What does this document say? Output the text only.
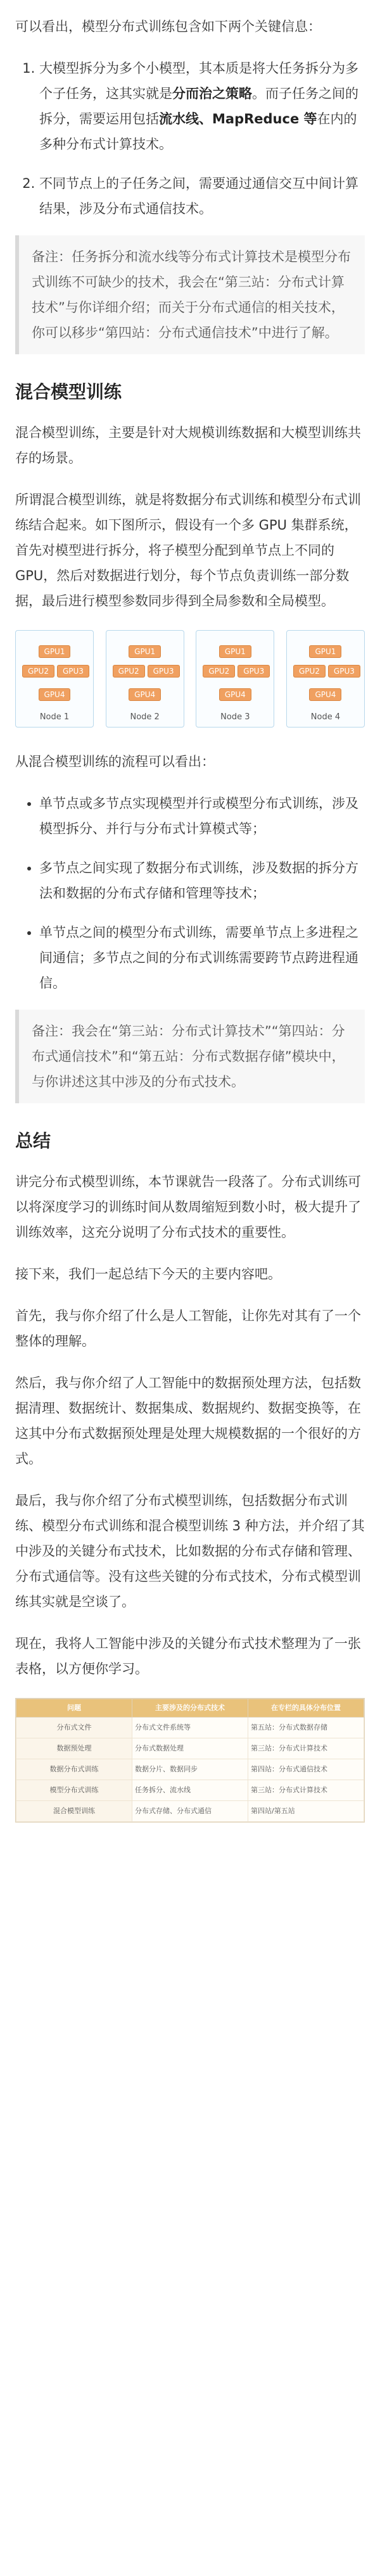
可以看出，模型分布式训练包含如下两个关键信息：

1. 大模型拆分为多个小模型，其本质是将大任务拆分为多个子任务，这其实就是分而治之策略。而子任务之间的拆分，需要运用包括流水线、MapReduce 等在内的多种分布式计算技术。
2. 不同节点上的子任务之间，需要通过通信交互中间计算结果，涉及分布式通信技术。
备注：任务拆分和流水线等分布式计算技术是模型分布式训练不可缺少的技术，我会在“第三站：分布式计算技术”与你详细介绍；而关于分布式通信的相关技术，你可以移步“第四站：分布式通信技术”中进行了解。
混合模型训练

混合模型训练，主要是针对大规模训练数据和大模型训练共存的场景。

所谓混合模型训练，就是将数据分布式训练和模型分布式训练结合起来。如下图所示，假设有一个多 GPU 集群系统，首先对模型进行拆分，将子模型分配到单节点上不同的 GPU，然后对数据进行划分，每个节点负责训练一部分数据，最后进行模型参数同步得到全局参数和全局模型。

GPU1
GPU2	GPU3
GPU4
Node 1
GPU1
GPU2	GPU3
GPU4
Node 2
GPU1
GPU2	GPU3
GPU4
Node 3
GPU1
GPU2	GPU3
GPU4
Node 4

从混合模型训练的流程可以看出：

• 单节点或多节点实现模型并行或模型分布式训练，涉及模型拆分、并行与分布式计算模式等；
• 多节点之间实现了数据分布式训练，涉及数据的拆分方法和数据的分布式存储和管理等技术；
• 单节点之间的模型分布式训练，需要单节点上多进程之间通信；多节点之间的分布式训练需要跨节点跨进程通信。
备注：我会在“第三站：分布式计算技术”“第四站：分布式通信技术”和“第五站：分布式数据存储”模块中，与你讲述这其中涉及的分布式技术。
总结

讲完分布式模型训练，本节课就告一段落了。分布式训练可以将深度学习的训练时间从数周缩短到数小时，极大提升了训练效率，这充分说明了分布式技术的重要性。

接下来，我们一起总结下今天的主要内容吧。

首先，我与你介绍了什么是人工智能，让你先对其有了一个整体的理解。

然后，我与你介绍了人工智能中的数据预处理方法，包括数据清理、数据统计、数据集成、数据规约、数据变换等，在这其中分布式数据预处理是处理大规模数据的一个很好的方式。

最后，我与你介绍了分布式模型训练，包括数据分布式训练、模型分布式训练和混合模型训练 3 种方法，并介绍了其中涉及的关键分布式技术，比如数据的分布式存储和管理、分布式通信等。没有这些关键的分布式技术，分布式模型训练其实就是空谈了。

现在，我将人工智能中涉及的关键分布式技术整理为了一张表格，以方便你学习。

问题	主要涉及的分布式技术	在专栏的具体分布位置
分布式文件	分布式文件系统等	第五站：分布式数据存储
数据预处理	分布式数据处理	第三站：分布式计算技术
数据分布式训练	数据分片、数据同步	第四站：分布式通信技术
模型分布式训练	任务拆分、流水线	第三站：分布式计算技术
混合模型训练	分布式存储、分布式通信	第四站/第五站
